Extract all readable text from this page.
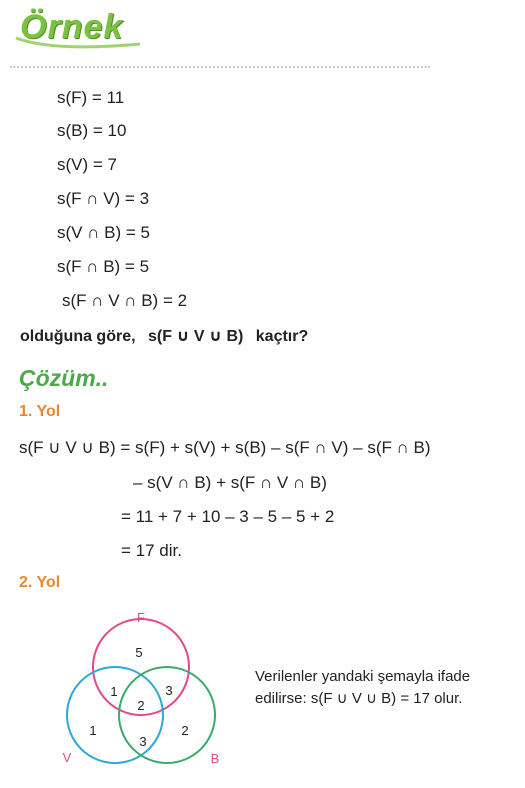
Örnek
s(F) = 11
s(B) = 10
s(V) = 7
s(F ∩ V) = 3
s(V ∩ B) = 5
s(F ∩ B) = 5
s(F ∩ V ∩ B) = 2
olduğuna göre, s(F ∪ V ∪ B) kaçtır?
Çözüm..
1. Yol
s(F ∪ V ∪ B) = s(F) + s(V) + s(B) – s(F ∩ V) – s(F ∩ B)
– s(V ∩ B) + s(F ∩ V ∩ B)
= 11 + 7 + 10 – 3 – 5 – 5 + 2
= 17 dir.
2. Yol
F
V	B
5
1	3
2
1
3
2
Verilenler yandaki şemayla ifade
edilirse: s(F ∪ V ∪ B) = 17 olur.
